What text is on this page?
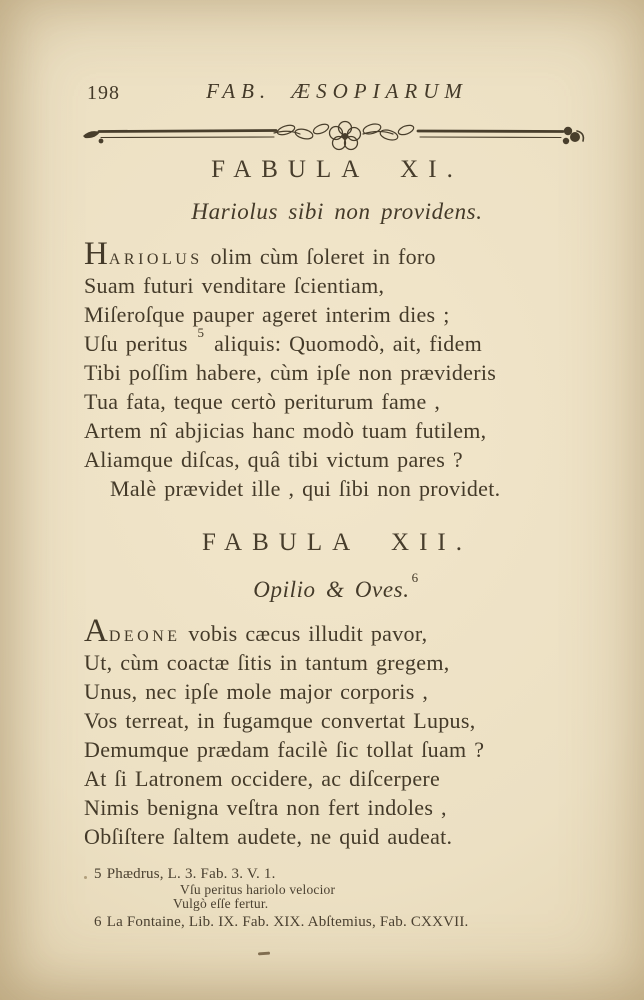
198	FAB. ÆSOPIARUM
FABULA XI.
Hariolus sibi non providens.
HARIOLUS olim cùm ſoleret in foro
Suam futuri venditare ſcientiam,
Miſeroſque pauper ageret interim dies ;
Uſu peritus $^5$ aliquis: Quomodò, ait, fidem
Tibi poſſim habere, cùm ipſe non prævideris
Tua fata, teque certò periturum fame ,
Artem nî abjicias hanc modò tuam futilem,
Aliamque diſcas, quâ tibi victum pares ?
Malè prævidet ille , qui ſibi non providet.
FABULA XII.
Opilio & Oves. $^6$
ADEONE vobis cæcus illudit pavor,
Ut, cùm coactæ ſitis in tantum gregem,
Unus, nec ipſe mole major corporis ,
Vos terreat, in fugamque convertat Lupus,
Demumque prædam facilè ſic tollat ſuam ?
At ſi Latronem occidere, ac diſcerpere
Nimis benigna veſtra non fert indoles ,
Obſiſtere ſaltem audete, ne quid audeat.
5 Phædrus, L. 3. Fab. 3. V. 1.
Vſu peritus hariolo velocior
Vulgò eſſe fertur.
6 La Fontaine, Lib. IX. Fab. XIX. Abſtemius, Fab. CXXVII.
